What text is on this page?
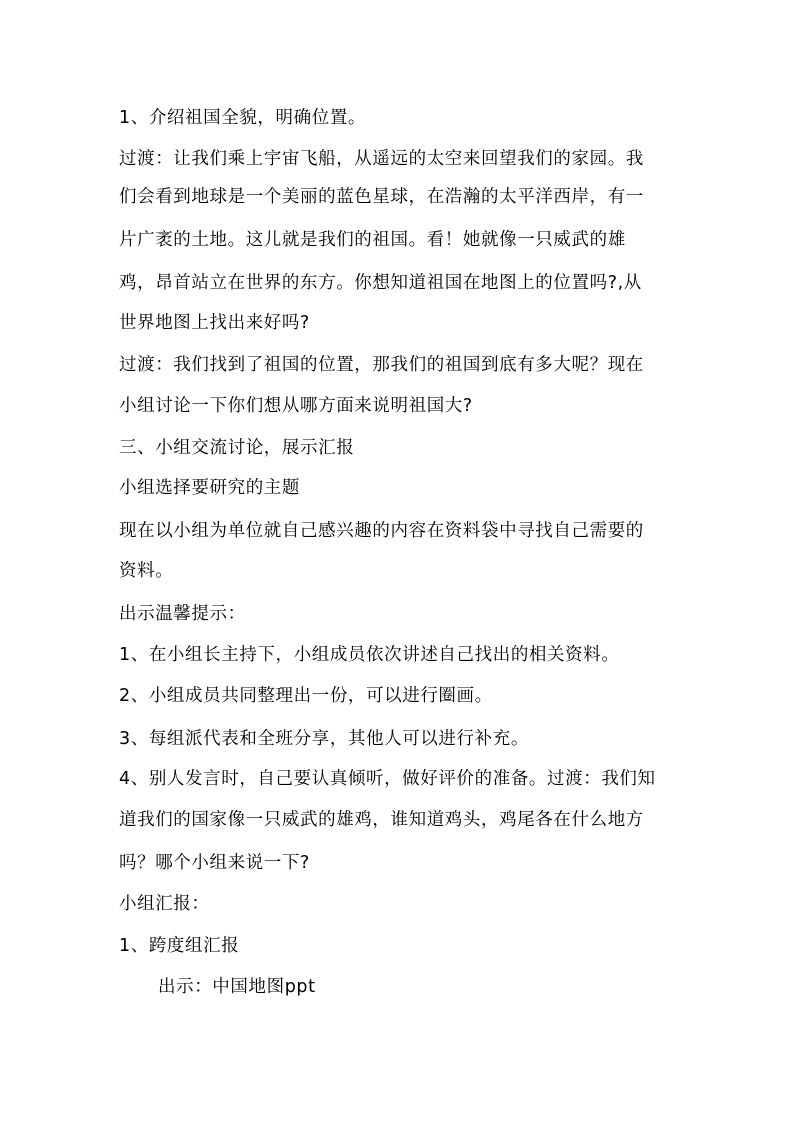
1、介绍祖国全貌，明确位置。
过渡：让我们乘上宇宙飞船，从遥远的太空来回望我们的家园。我
们会看到地球是一个美丽的蓝色星球，在浩瀚的太平洋西岸，有一
片广袤的土地。这儿就是我们的祖国。看！她就像一只威武的雄
鸡，昂首站立在世界的东方。你想知道祖国在地图上的位置吗?,从
世界地图上找出来好吗?
过渡：我们找到了祖国的位置，那我们的祖国到底有多大呢？现在
小组讨论一下你们想从哪方面来说明祖国大?
三、小组交流讨论，展示汇报
小组选择要研究的主题
现在以小组为单位就自己感兴趣的内容在资料袋中寻找自己需要的
资料。
出示温馨提示：
1、在小组长主持下，小组成员依次讲述自己找出的相关资料。
2、小组成员共同整理出一份，可以进行圈画。
3、每组派代表和全班分享，其他人可以进行补充。
4、别人发言时，自己要认真倾听，做好评价的准备。过渡：我们知
道我们的国家像一只威武的雄鸡，谁知道鸡头，鸡尾各在什么地方
吗？哪个小组来说一下?
小组汇报：
1、跨度组汇报
出示：中国地图ppt
